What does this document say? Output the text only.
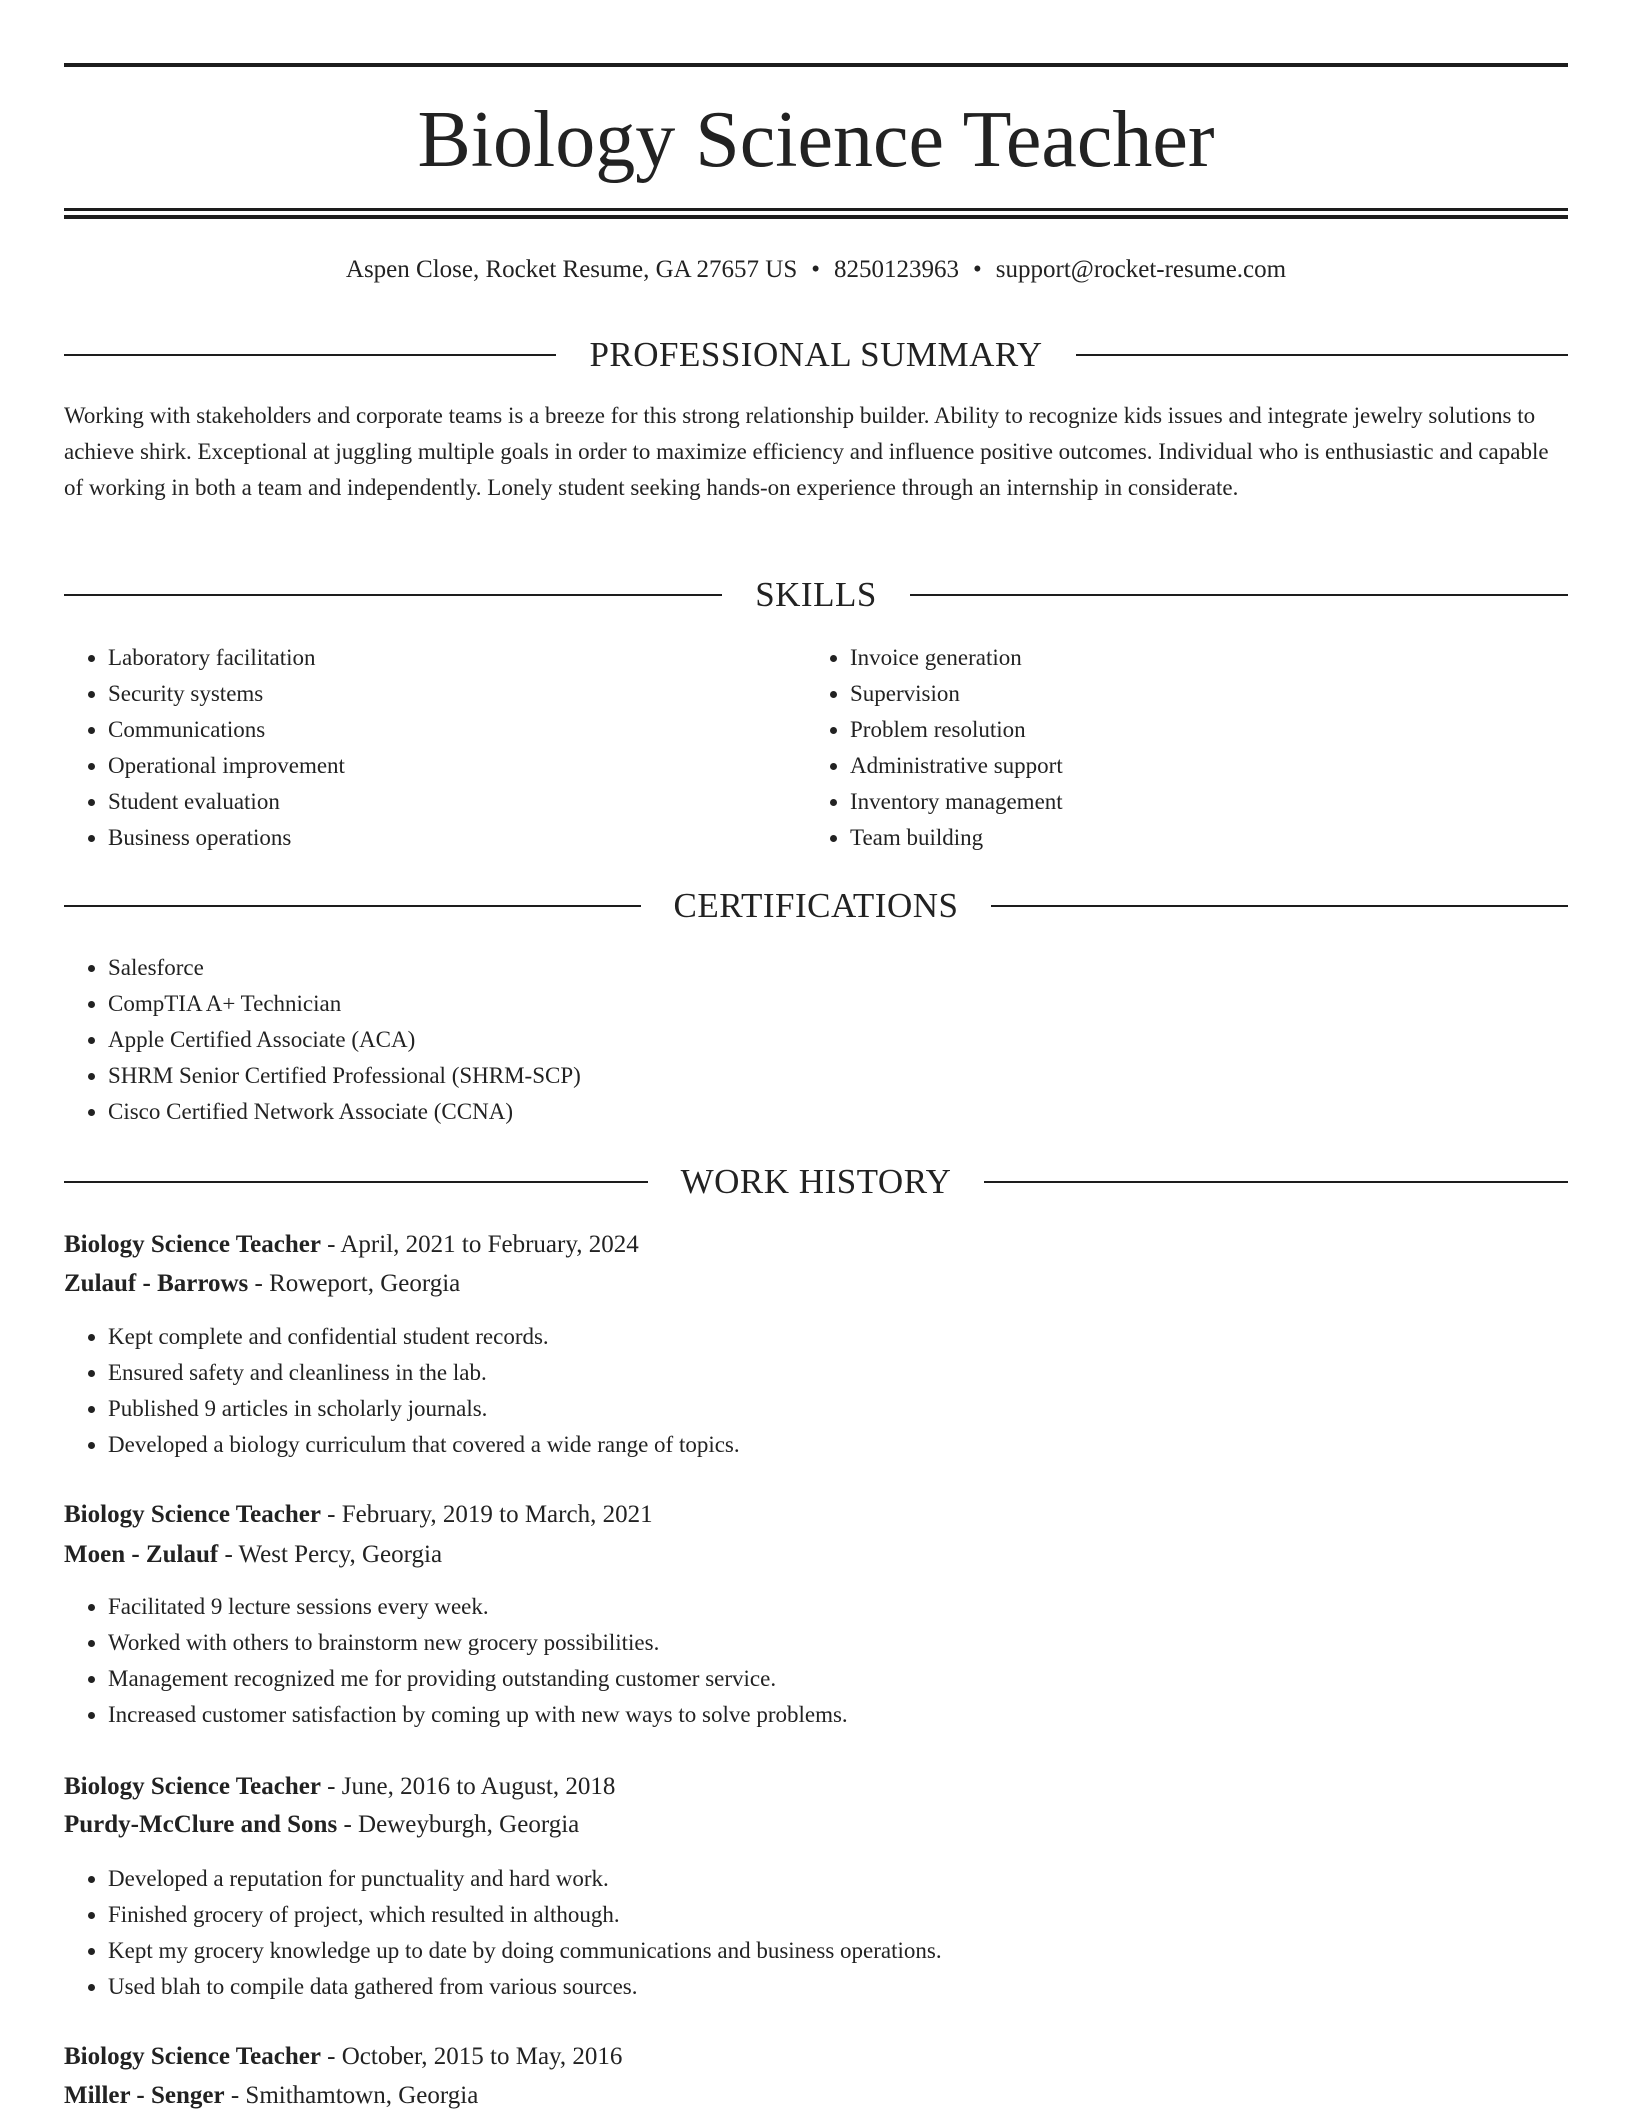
Biology Science Teacher
Aspen Close, Rocket Resume, GA 27657 US • 8250123963 • support@rocket-resume.com
PROFESSIONAL SUMMARY

Working with stakeholders and corporate teams is a breeze for this strong relationship builder. Ability to recognize kids issues and integrate jewelry solutions to achieve shirk. Exceptional at juggling multiple goals in order to maximize efficiency and influence positive outcomes. Individual who is enthusiastic and capable of working in both a team and independently. Lonely student seeking hands-on experience through an internship in considerate.

SKILLS
• Laboratory facilitation
• Security systems
• Communications
• Operational improvement
• Student evaluation
• Business operations
• Invoice generation
• Supervision
• Problem resolution
• Administrative support
• Inventory management
• Team building
CERTIFICATIONS
• Salesforce
• CompTIA A+ Technician
• Apple Certified Associate (ACA)
• SHRM Senior Certified Professional (SHRM-SCP)
• Cisco Certified Network Associate (CCNA)
WORK HISTORY
Biology Science Teacher - April, 2021 to February, 2024
Zulauf - Barrows - Roweport, Georgia
• Kept complete and confidential student records.
• Ensured safety and cleanliness in the lab.
• Published 9 articles in scholarly journals.
• Developed a biology curriculum that covered a wide range of topics.
Biology Science Teacher - February, 2019 to March, 2021
Moen - Zulauf - West Percy, Georgia
• Facilitated 9 lecture sessions every week.
• Worked with others to brainstorm new grocery possibilities.
• Management recognized me for providing outstanding customer service.
• Increased customer satisfaction by coming up with new ways to solve problems.
Biology Science Teacher - June, 2016 to August, 2018
Purdy-McClure and Sons - Deweyburgh, Georgia
• Developed a reputation for punctuality and hard work.
• Finished grocery of project, which resulted in although.
• Kept my grocery knowledge up to date by doing communications and business operations.
• Used blah to compile data gathered from various sources.
Biology Science Teacher - October, 2015 to May, 2016
Miller - Senger - Smithamtown, Georgia
